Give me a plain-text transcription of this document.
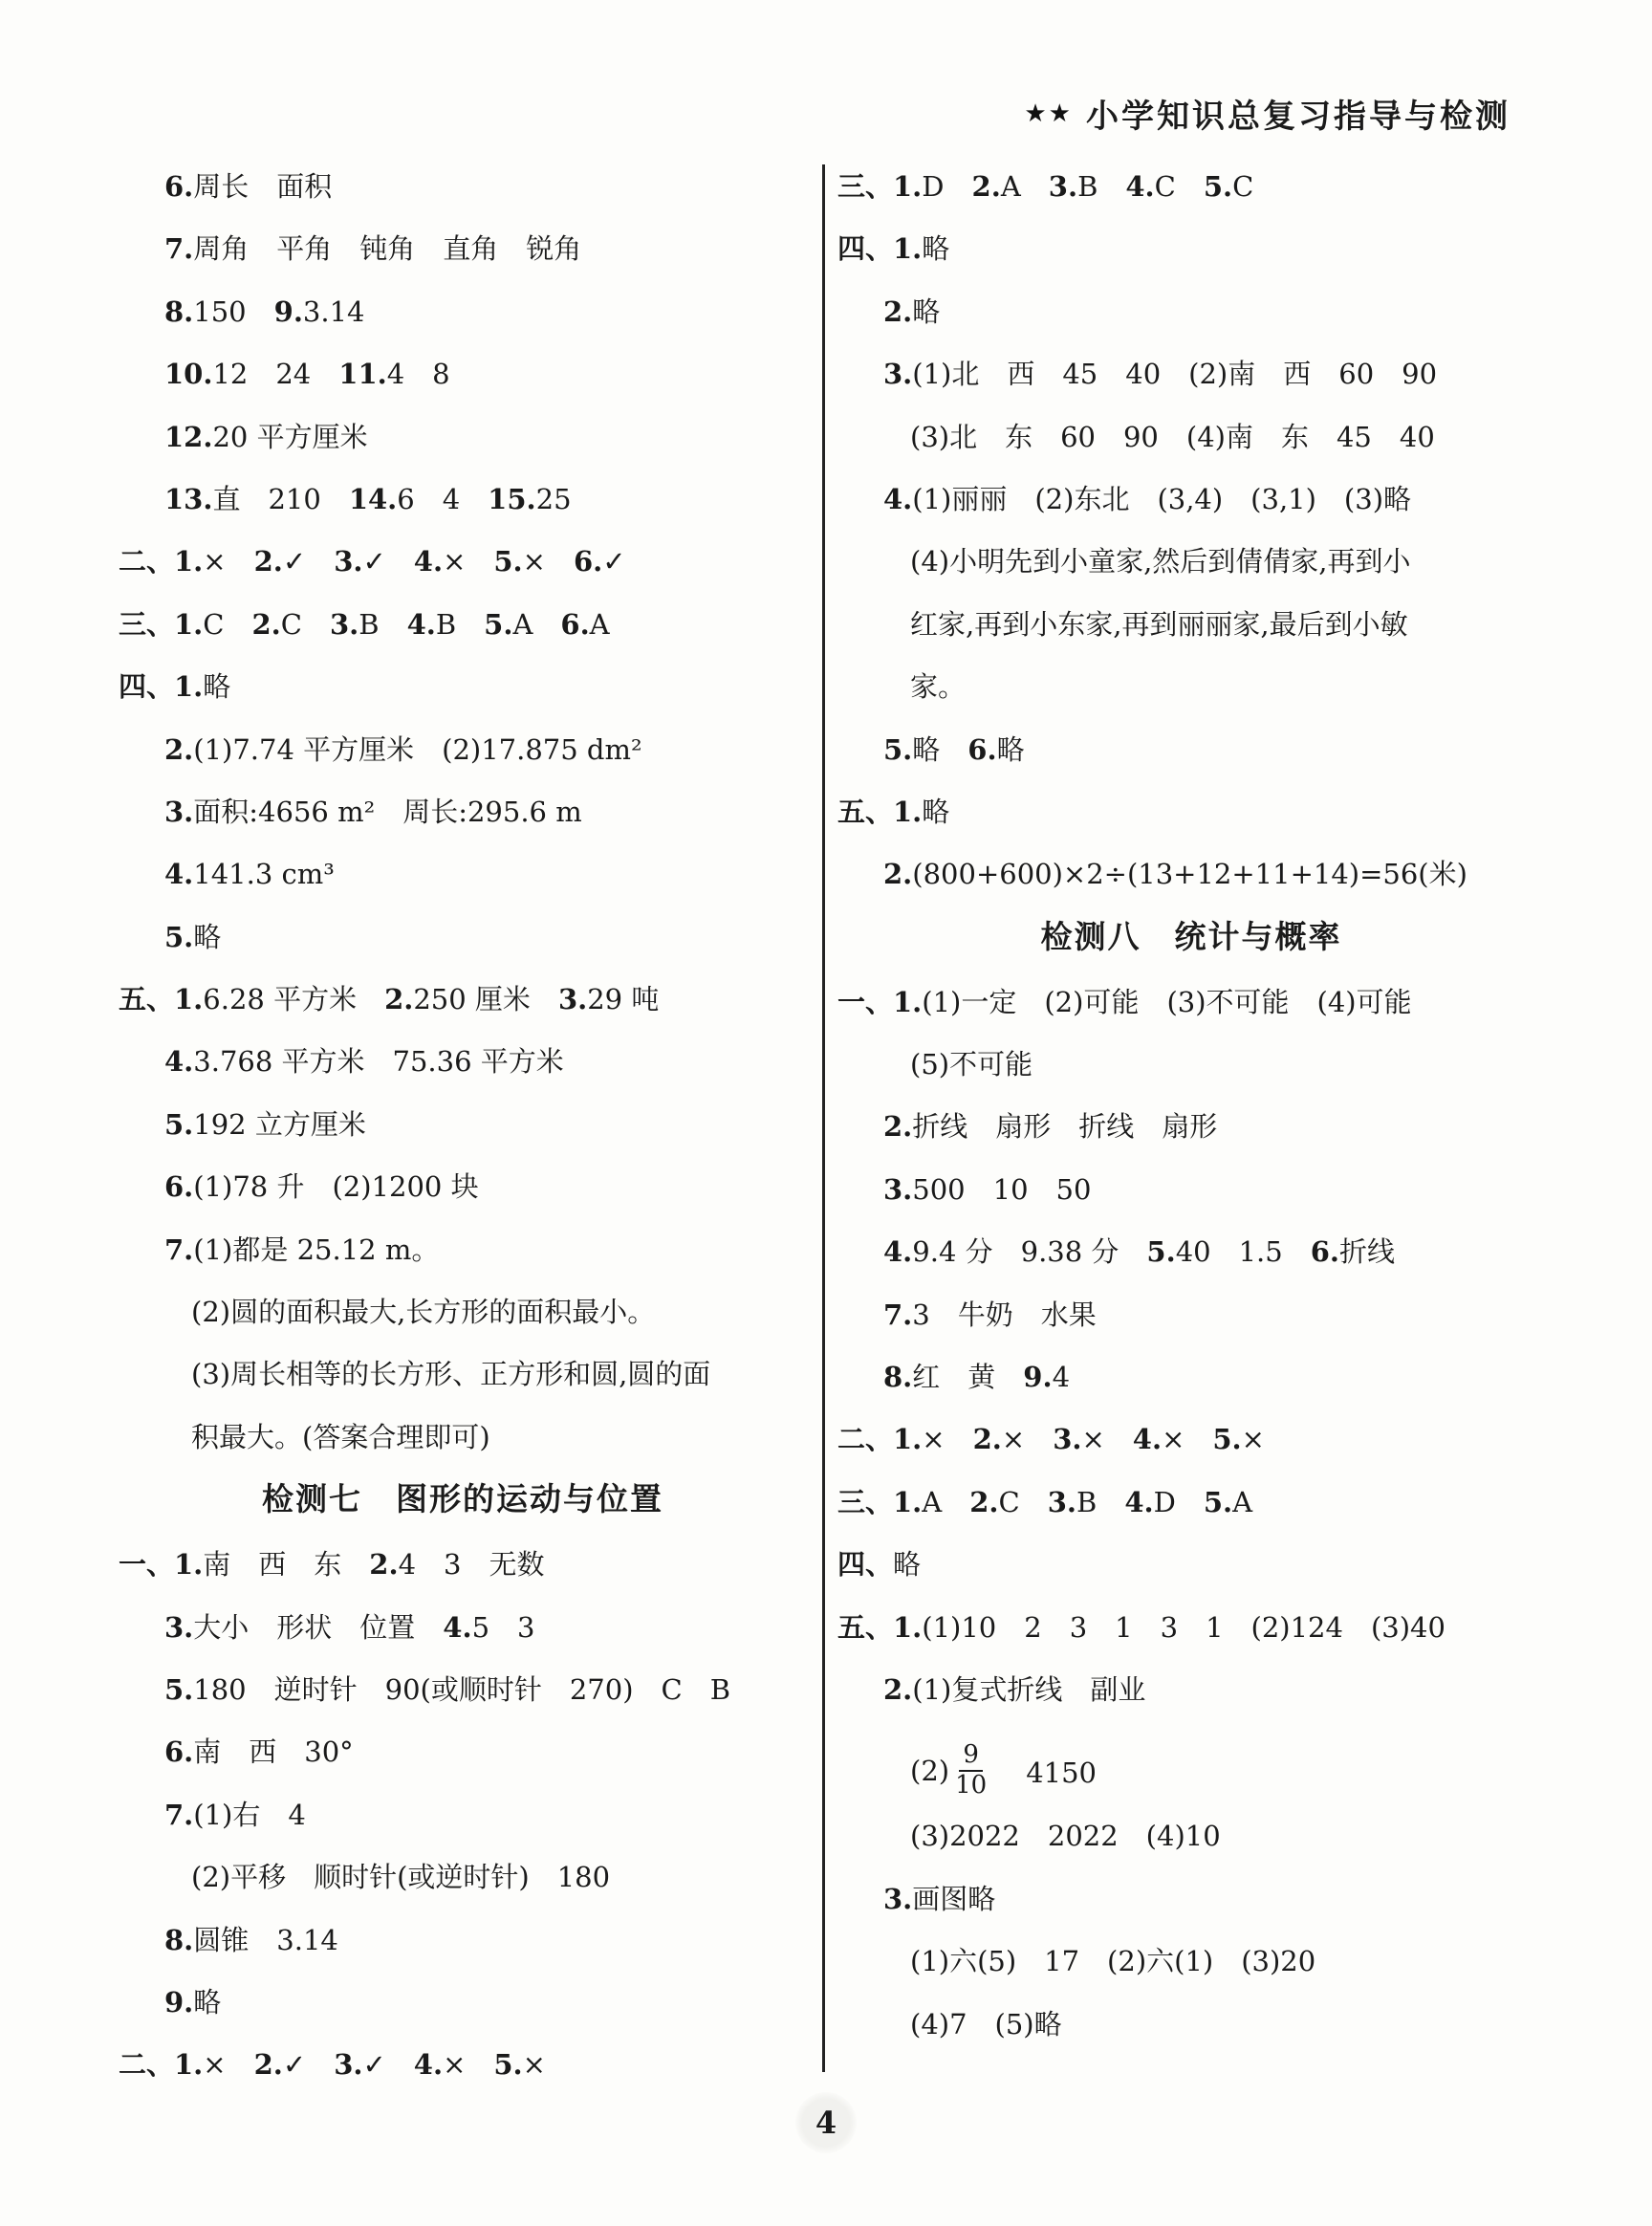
★★ 小学知识总复习指导与检测
6.周长　面积
7.周角　平角　钝角　直角　锐角
8.150　9.3.14
10.12　24　11.4　8
12.20 平方厘米
13.直　210　14.6　4　15.25
二、1.×　2.✓　3.✓　4.×　5.×　6.✓
三、1.C　2.C　3.B　4.B　5.A　6.A
四、1.略
2.(1)7.74 平方厘米　(2)17.875 dm²
3.面积:4656 m²　周长:295.6 m
4.141.3 cm³
5.略
五、1.6.28 平方米　2.250 厘米　3.29 吨
4.3.768 平方米　75.36 平方米
5.192 立方厘米
6.(1)78 升　(2)1200 块
7.(1)都是 25.12 m。
(2)圆的面积最大,长方形的面积最小。
(3)周长相等的长方形、正方形和圆,圆的面
积最大。(答案合理即可)
检测七　图形的运动与位置
一、1.南　西　东　2.4　3　无数
3.大小　形状　位置　4.5　3
5.180　逆时针　90(或顺时针　270)　C　B
6.南　西　30°
7.(1)右　4
(2)平移　顺时针(或逆时针)　180
8.圆锥　3.14
9.略
二、1.×　2.✓　3.✓　4.×　5.×
三、1.D　2.A　3.B　4.C　5.C
四、1.略
2.略
3.(1)北　西　45　40　(2)南　西　60　90
(3)北　东　60　90　(4)南　东　45　40
4.(1)丽丽　(2)东北　(3,4)　(3,1)　(3)略
(4)小明先到小童家,然后到倩倩家,再到小
红家,再到小东家,再到丽丽家,最后到小敏
家。
5.略　6.略
五、1.略
2.(800+600)×2÷(13+12+11+14)=56(米)
检测八　统计与概率
一、1.(1)一定　(2)可能　(3)不可能　(4)可能
(5)不可能
2.折线　扇形　折线　扇形
3.500　10　50
4.9.4 分　9.38 分　5.40　1.5　6.折线
7.3　牛奶　水果
8.红　黄　9.4
二、1.×　2.×　3.×　4.×　5.×
三、1.A　2.C　3.B　4.D　5.A
四、略
五、1.(1)10　2　3　1　3　1　(2)124　(3)40
2.(1)复式折线　副业
$(2) \frac{9}{10}$ 　4150
(3)2022　2022　(4)10
3.画图略
(1)六(5)　17　(2)六(1)　(3)20
(4)7　(5)略
4
